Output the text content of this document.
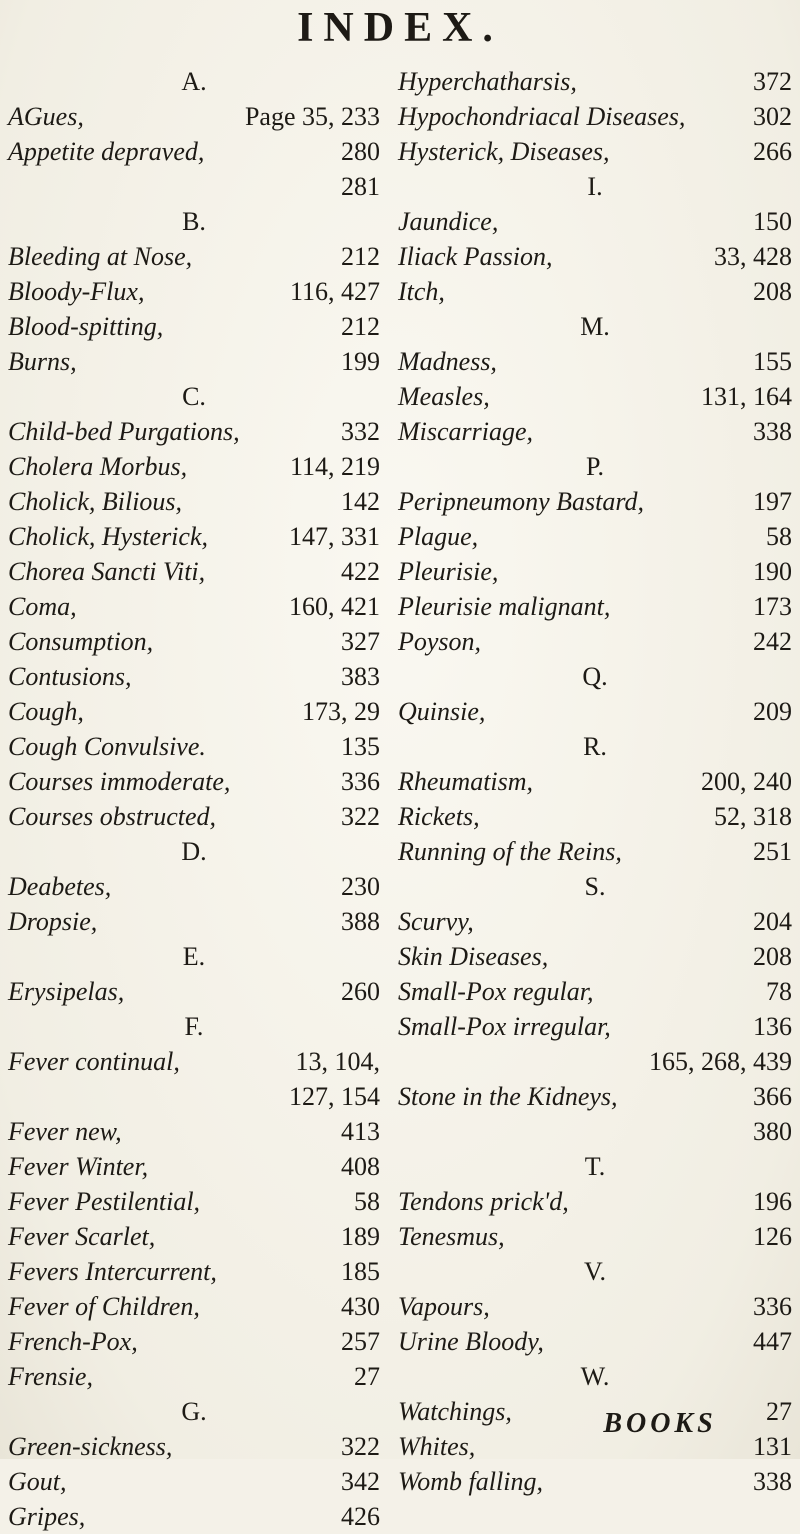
INDEX.
A.
AGues,	Page 35, 233
Appetite depraved,	280
281
B.
Bleeding at Nose,	212
Bloody-Flux,	116, 427
Blood-spitting,	212
Burns,	199
C.
Child-bed Purgations,	332
Cholera Morbus,	114, 219
Cholick, Bilious,	142
Cholick, Hysterick,	147, 331
Chorea Sancti Viti,	422
Coma,	160, 421
Consumption,	327
Contusions,	383
Cough,	173, 29
Cough Convulsive.	135
Courses immoderate,	336
Courses obstructed,	322
D.
Deabetes,	230
Dropsie,	388
E.
Erysipelas,	260
F.
Fever continual,	13, 104,
127, 154
Fever new,	413
Fever Winter,	408
Fever Pestilential,	58
Fever Scarlet,	189
Fevers Intercurrent,	185
Fever of Children,	430
French-Pox,	257
Frensie,	27
G.
Green-sickness,	322
Gout,	342
Gripes,	426
Hyperchatharsis,	372
Hypochondriacal Diseases,	302
Hysterick, Diseases,	266
I.
Jaundice,	150
Iliack Passion,	33, 428
Itch,	208
M.
Madness,	155
Measles,	131, 164
Miscarriage,	338
P.
Peripneumony Bastard,	197
Plague,	58
Pleurisie,	190
Pleurisie malignant,	173
Poyson,	242
Q.
Quinsie,	209
R.
Rheumatism,	200, 240
Rickets,	52, 318
Running of the Reins,	251
S.
Scurvy,	204
Skin Diseases,	208
Small-Pox regular,	78
Small-Pox irregular,	136
165, 268, 439
Stone in the Kidneys,	366
380
T.
Tendons prick'd,	196
Tenesmus,	126
V.
Vapours,	336
Urine Bloody,	447
W.
Watchings,	27
Whites,	131
Womb falling,	338
BOOKS
